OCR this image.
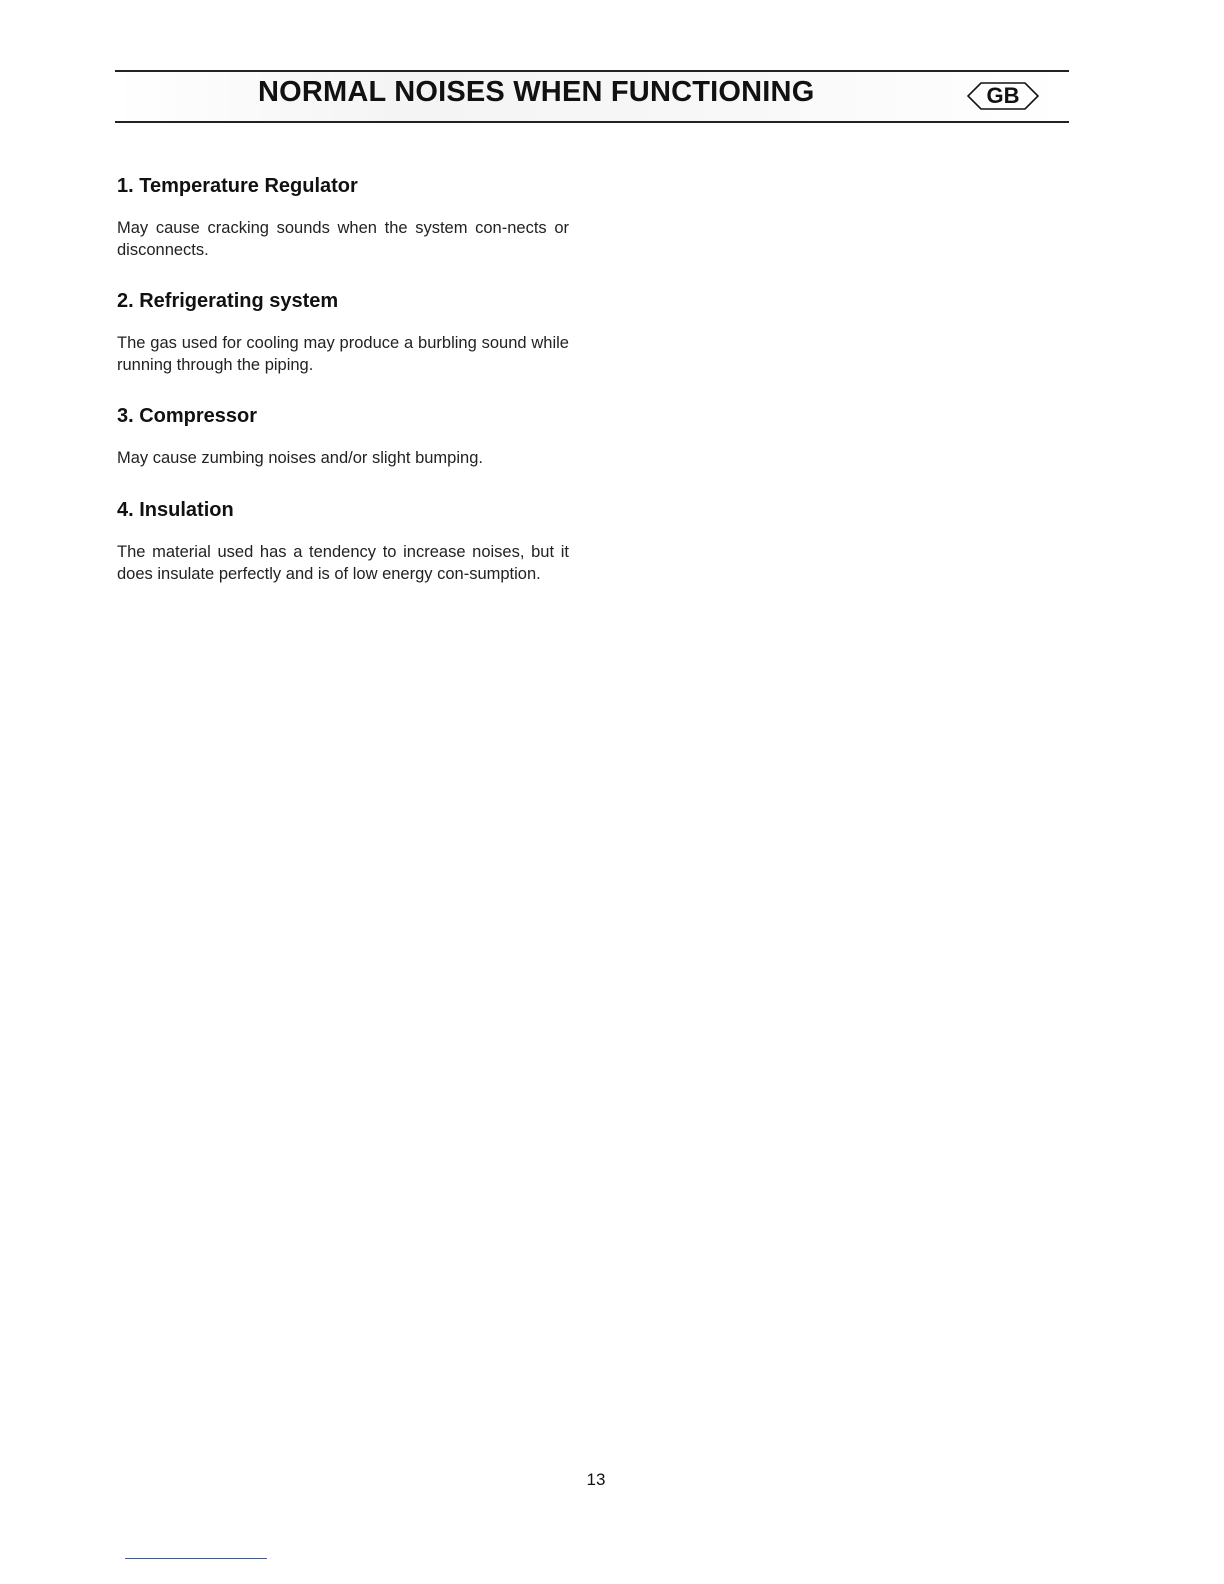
NORMAL NOISES WHEN FUNCTIONING	GB
1. Temperature Regulator

May cause cracking sounds when the system con-nects or disconnects.

2. Refrigerating system

The gas used for cooling may produce a burbling sound while running through the piping.

3. Compressor

May cause zumbing noises and/or slight bumping.

4. Insulation

The material used has a tendency to increase noises, but it does insulate perfectly and is of low energy con-sumption.

13
